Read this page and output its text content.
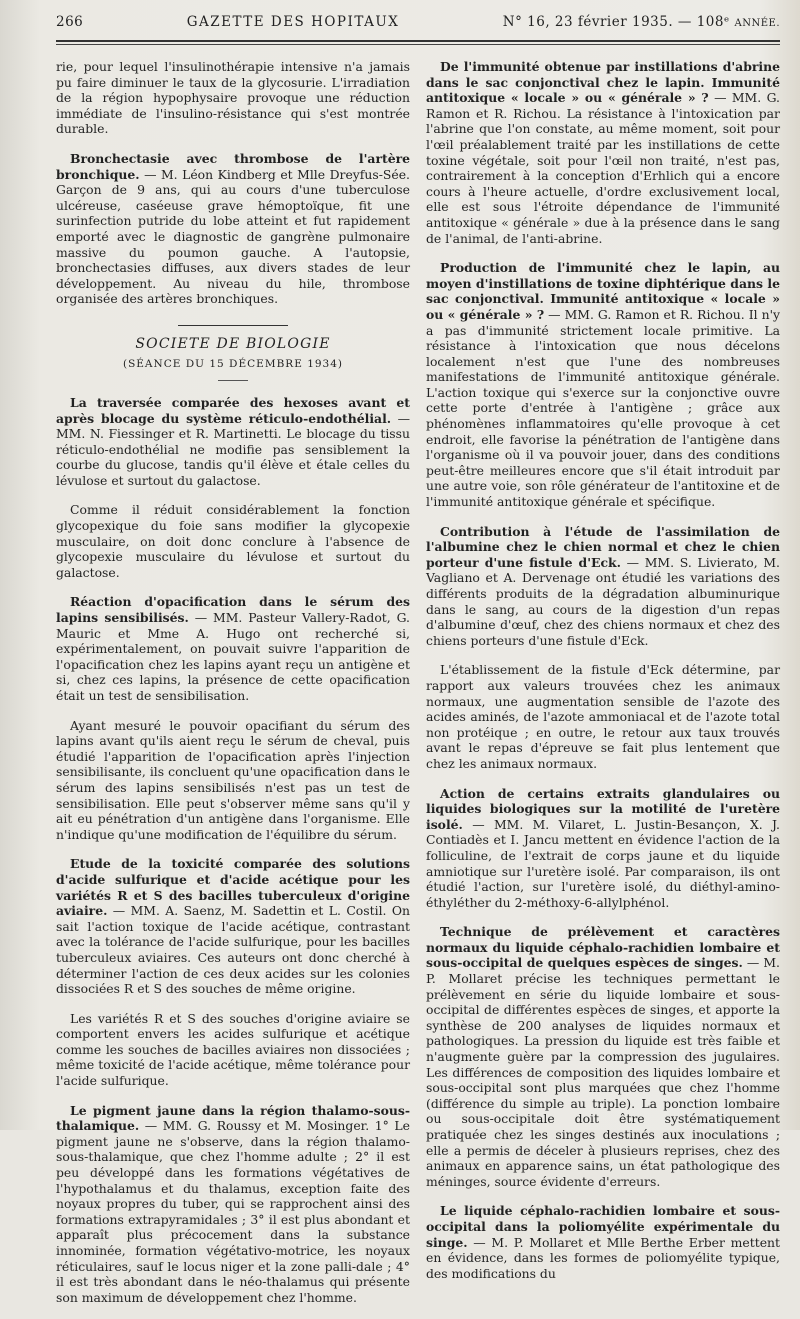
266	GAZETTE DES HOPITAUX	N° 16, 23 février 1935. — 108ᵉ ANNÉE.

rie, pour lequel l'insulinothérapie intensive n'a jamais pu faire diminuer le taux de la glycosurie. L'irradiation de la région hypophysaire provoque une réduction immédiate de l'insulino-résistance qui s'est montrée durable.

Bronchectasie avec thrombose de l'artère bronchique. — M. Léon Kindberg et Mlle Dreyfus-Sée. Garçon de 9 ans, qui au cours d'une tuberculose ulcéreuse, caséeuse grave hémoptoïque, fit une surinfection putride du lobe atteint et fut rapidement emporté avec le diagnostic de gangrène pulmonaire massive du poumon gauche. A l'autopsie, bronchectasies diffuses, aux divers stades de leur développement. Au niveau du hile, thrombose organisée des artères bronchiques.

SOCIETE DE BIOLOGIE
(SÉANCE DU 15 DÉCEMBRE 1934)

La traversée comparée des hexoses avant et après blocage du système réticulo-endothélial. — MM. N. Fiessinger et R. Martinetti. Le blocage du tissu réticulo-endothélial ne modifie pas sensiblement la courbe du glucose, tandis qu'il élève et étale celles du lévulose et surtout du galactose.

Comme il réduit considérablement la fonction glycopexique du foie sans modifier la glycopexie musculaire, on doit donc conclure à l'absence de glycopexie musculaire du lévulose et surtout du galactose.

Réaction d'opacification dans le sérum des lapins sensibilisés. — MM. Pasteur Vallery-Radot, G. Mauric et Mme A. Hugo ont recherché si, expérimentalement, on pouvait suivre l'apparition de l'opacification chez les lapins ayant reçu un antigène et si, chez ces lapins, la présence de cette opacification était un test de sensibilisation.

Ayant mesuré le pouvoir opacifiant du sérum des lapins avant qu'ils aient reçu le sérum de cheval, puis étudié l'apparition de l'opacification après l'injection sensibilisante, ils concluent qu'une opacification dans le sérum des lapins sensibilisés n'est pas un test de sensibilisation. Elle peut s'observer même sans qu'il y ait eu pénétration d'un antigène dans l'organisme. Elle n'indique qu'une modification de l'équilibre du sérum.

Etude de la toxicité comparée des solutions d'acide sulfurique et d'acide acétique pour les variétés R et S des bacilles tuberculeux d'origine aviaire. — MM. A. Saenz, M. Sadettin et L. Costil. On sait l'action toxique de l'acide acétique, contrastant avec la tolérance de l'acide sulfurique, pour les bacilles tuberculeux aviaires. Ces auteurs ont donc cherché à déterminer l'action de ces deux acides sur les colonies dissociées R et S des souches de même origine.

Les variétés R et S des souches d'origine aviaire se comportent envers les acides sulfurique et acétique comme les souches de bacilles aviaires non dissociées ; même toxicité de l'acide acétique, même tolérance pour l'acide sulfurique.

Le pigment jaune dans la région thalamo-sous-thalamique. — MM. G. Roussy et M. Mosinger. 1° Le pigment jaune ne s'observe, dans la région thalamo-sous-thalamique, que chez l'homme adulte ; 2° il est peu développé dans les formations végétatives de l'hypothalamus et du thalamus, exception faite des noyaux propres du tuber, qui se rapprochent ainsi des formations extrapyramidales ; 3° il est plus abondant et apparaît plus précocement dans la substance innominée, formation végétativo-motrice, les noyaux réticulaires, sauf le locus niger et la zone palli-dale ; 4° il est très abondant dans le néo-thalamus qui présente son maximum de développement chez l'homme.

De l'immunité obtenue par instillations d'abrine dans le sac conjonctival chez le lapin. Immunité antitoxique « locale » ou « générale » ? — MM. G. Ramon et R. Richou. La résistance à l'intoxication par l'abrine que l'on constate, au même moment, soit pour l'œil préalablement traité par les instillations de cette toxine végétale, soit pour l'œil non traité, n'est pas, contrairement à la conception d'Erhlich qui a encore cours à l'heure actuelle, d'ordre exclusivement local, elle est sous l'étroite dépendance de l'immunité antitoxique « générale » due à la présence dans le sang de l'animal, de l'anti-abrine.

Production de l'immunité chez le lapin, au moyen d'instillations de toxine diphtérique dans le sac conjonctival. Immunité antitoxique « locale » ou « générale » ? — MM. G. Ramon et R. Richou. Il n'y a pas d'immunité strictement locale primitive. La résistance à l'intoxication que nous décelons localement n'est que l'une des nombreuses manifestations de l'immunité antitoxique générale. L'action toxique qui s'exerce sur la conjonctive ouvre cette porte d'entrée à l'antigène ; grâce aux phénomènes inflammatoires qu'elle provoque à cet endroit, elle favorise la pénétration de l'antigène dans l'organisme où il va pouvoir jouer, dans des conditions peut-être meilleures encore que s'il était introduit par une autre voie, son rôle générateur de l'antitoxine et de l'immunité antitoxique générale et spécifique.

Contribution à l'étude de l'assimilation de l'albumine chez le chien normal et chez le chien porteur d'une fistule d'Eck. — MM. S. Livierato, M. Vagliano et A. Dervenage ont étudié les variations des différents produits de la dégradation albuminurique dans le sang, au cours de la digestion d'un repas d'albumine d'œuf, chez des chiens normaux et chez des chiens porteurs d'une fistule d'Eck.

L'établissement de la fistule d'Eck détermine, par rapport aux valeurs trouvées chez les animaux normaux, une augmentation sensible de l'azote des acides aminés, de l'azote ammoniacal et de l'azote total non protéique ; en outre, le retour aux taux trouvés avant le repas d'épreuve se fait plus lentement que chez les animaux normaux.

Action de certains extraits glandulaires ou liquides biologiques sur la motilité de l'uretère isolé. — MM. M. Vilaret, L. Justin-Besançon, X. J. Contiadès et I. Jancu mettent en évidence l'action de la folliculine, de l'extrait de corps jaune et du liquide amniotique sur l'uretère isolé. Par comparaison, ils ont étudié l'action, sur l'uretère isolé, du diéthyl-amino-éthyléther du 2-méthoxy-6-allylphénol.

Technique de prélèvement et caractères normaux du liquide céphalo-rachidien lombaire et sous-occipital de quelques espèces de singes. — M. P. Mollaret précise les techniques permettant le prélèvement en série du liquide lombaire et sous-occipital de différentes espèces de singes, et apporte la synthèse de 200 analyses de liquides normaux et pathologiques. La pression du liquide est très faible et n'augmente guère par la compression des jugulaires. Les différences de composition des liquides lombaire et sous-occipital sont plus marquées que chez l'homme (différence du simple au triple). La ponction lombaire ou sous-occipitale doit être systématiquement pratiquée chez les singes destinés aux inoculations ; elle a permis de déceler à plusieurs reprises, chez des animaux en apparence sains, un état pathologique des méninges, source évidente d'erreurs.

Le liquide céphalo-rachidien lombaire et sous-occipital dans la poliomyélite expérimentale du singe. — M. P. Mollaret et Mlle Berthe Erber mettent en évidence, dans les formes de poliomyélite typique, des modifications du
